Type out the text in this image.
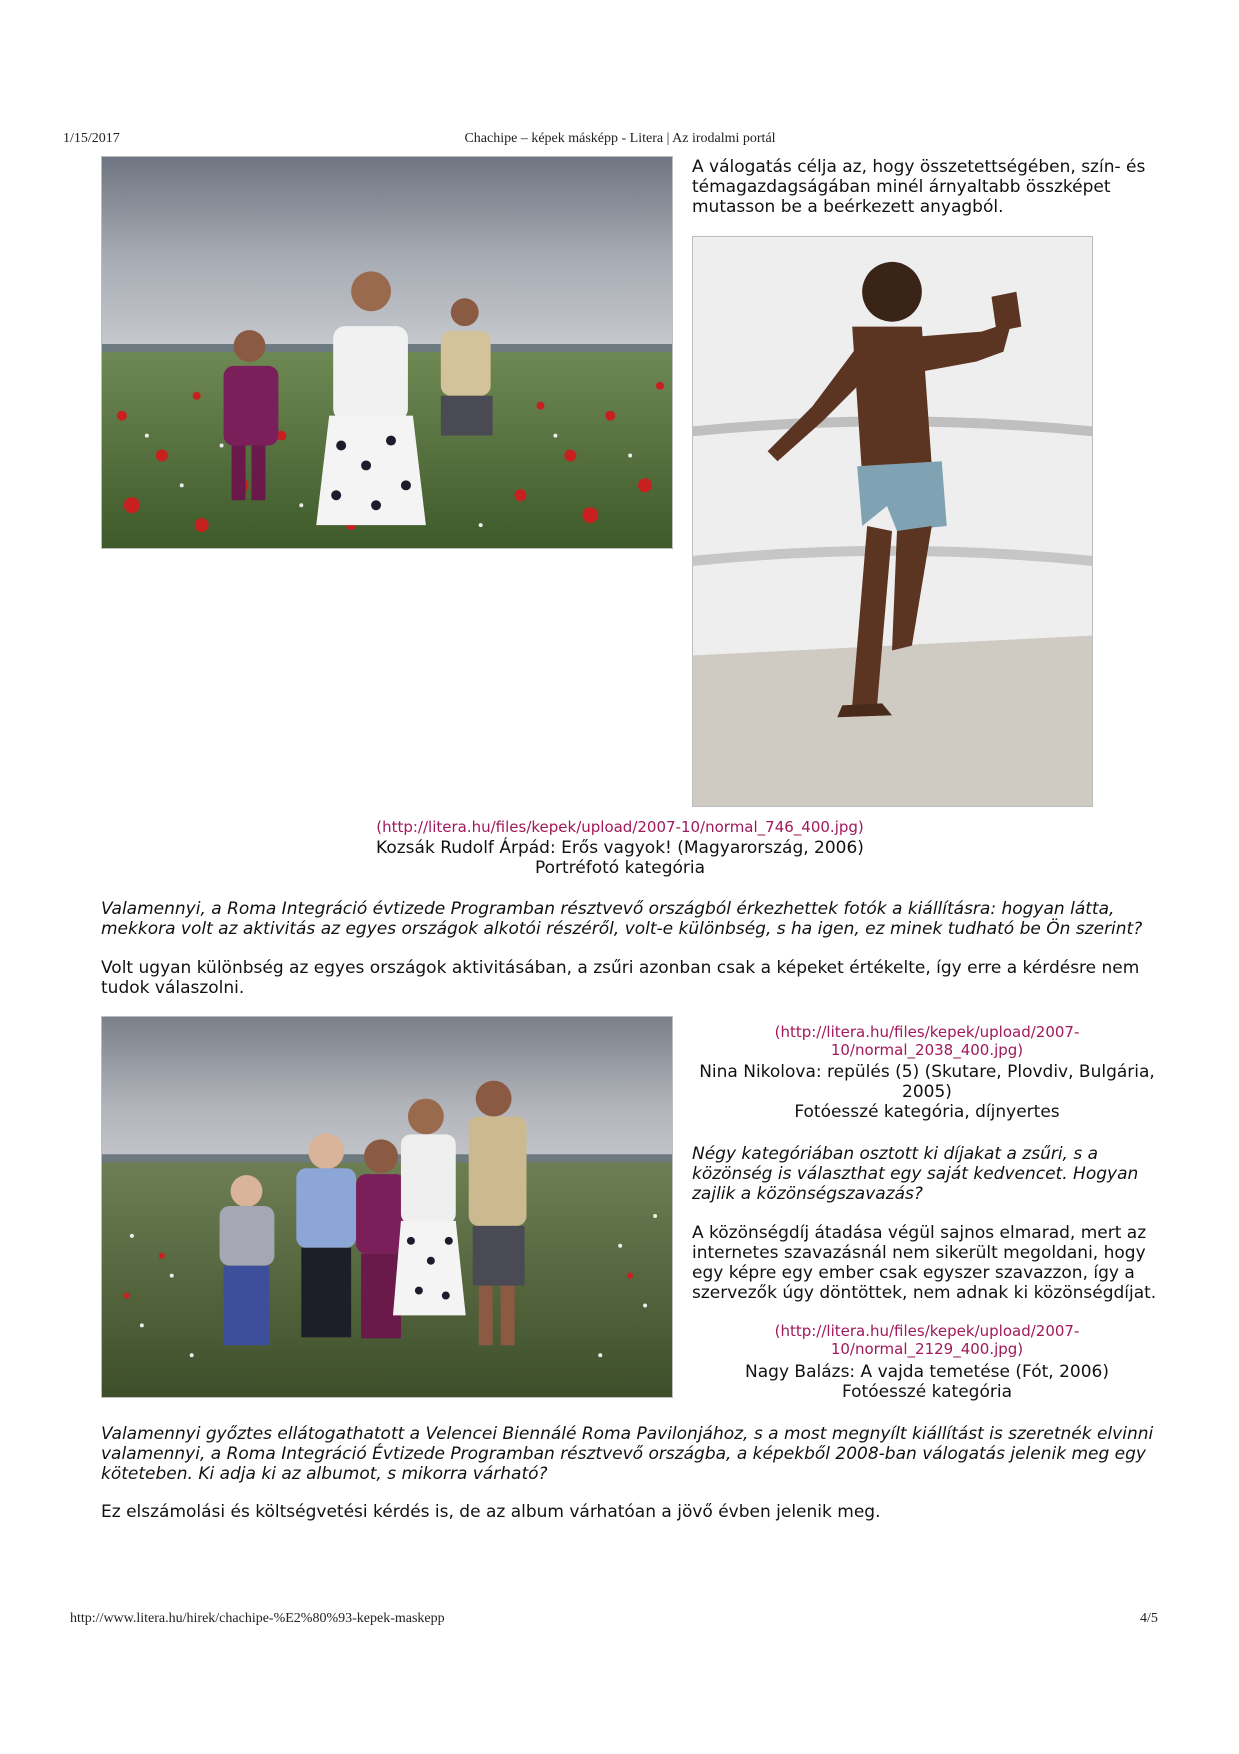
1/15/2017	Chachipe – képek másképp - Litera | Az irodalmi portál
A válogatás célja az, hogy összetettségében, szín- és témagazdagságában minél árnyaltabb összképet mutasson be a beérkezett anyagból.
(http://litera.hu/files/kepek/upload/2007-10/normal_746_400.jpg)
Kozsák Rudolf Árpád: Erős vagyok! (Magyarország, 2006)
Portréfotó kategória
Valamennyi, a Roma Integráció évtizede Programban résztvevő országból érkezhettek fotók a kiállításra: hogyan látta, mekkora volt az aktivitás az egyes országok alkotói részéről, volt-e különbség, s ha igen, ez minek tudható be Ön szerint?
Volt ugyan különbség az egyes országok aktivitásában, a zsűri azonban csak a képeket értékelte, így erre a kérdésre nem tudok válaszolni.
(http://litera.hu/files/kepek/upload/2007-10/normal_2038_400.jpg)
Nina Nikolova: repülés (5) (Skutare, Plovdiv, Bulgária, 2005)
Fotóesszé kategória, díjnyertes
Négy kategóriában osztott ki díjakat a zsűri, s a közönség is választhat egy saját kedvencet. Hogyan zajlik a közönségszavazás?
A közönségdíj átadása végül sajnos elmarad, mert az internetes szavazásnál nem sikerült megoldani, hogy egy képre egy ember csak egyszer szavazzon, így a szervezők úgy döntöttek, nem adnak ki közönségdíjat.
(http://litera.hu/files/kepek/upload/2007-10/normal_2129_400.jpg)
Nagy Balázs: A vajda temetése (Fót, 2006)
Fotóesszé kategória
Valamennyi győztes ellátogathatott a Velencei Biennálé Roma Pavilonjához, s a most megnyílt kiállítást is szeretnék elvinni valamennyi, a Roma Integráció Évtizede Programban résztvevő országba, a képekből 2008-ban válogatás jelenik meg egy köteteben. Ki adja ki az albumot, s mikorra várható?
Ez elszámolási és költségvetési kérdés is, de az album várhatóan a jövő évben jelenik meg.
http://www.litera.hu/hirek/chachipe-%E2%80%93-kepek-maskepp	4/5
